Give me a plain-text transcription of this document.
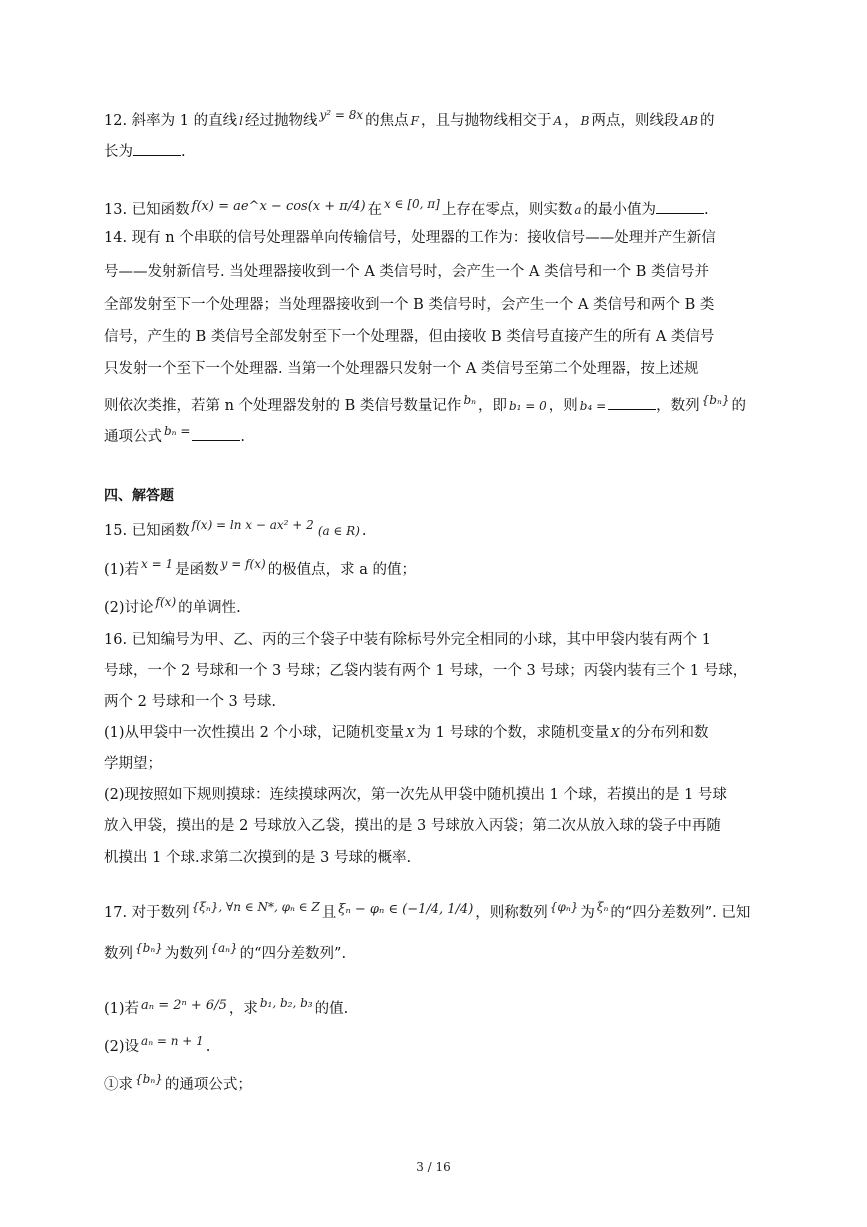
12. 斜率为 1 的直线 l 经过抛物线 $^{y^2 = 8x}$ 的焦点 F ，且与抛物线相交于 A ， B 两点，则线段 AB 的
长为	.
13. 已知函数 f(x) = ae^x − cos(x + π/4) 在 $^{x \in [0, \pi]}$ 上存在零点，则实数 a 的最小值为	.
14. 现有 n 个串联的信号处理器单向传输信号，处理器的工作为：接收信号——处理并产生新信
号——发射新信号. 当处理器接收到一个 A 类信号时，会产生一个 A 类信号和一个 B 类信号并
全部发射至下一个处理器；当处理器接收到一个 B 类信号时，会产生一个 A 类信号和两个 B 类
信号，产生的 B 类信号全部发射至下一个处理器，但由接收 B 类信号直接产生的所有 A 类信号
只发射一个至下一个处理器. 当第一个处理器只发射一个 A 类信号至第二个处理器，按上述规
则依次类推，若第 n 个处理器发射的 B 类信号数量记作 $^{b_n}$ ，即 b₁ = 0 ，则 b₄ =	，数列 $^{\{b_n\}}$ 的
通项公式 $^{b_n =}$	.
四、解答题
15. 已知函数 $^{f(x) = ln x - ax^2 + 2}$ (a ∈ R) .
(1)若 $^{x = 1}$ 是函数 $^{y = f(x)}$ 的极值点，求 a 的值；
(2)讨论 $^{f(x)}$ 的单调性.
16. 已知编号为甲、乙、丙的三个袋子中装有除标号外完全相同的小球，其中甲袋内装有两个 1
号球，一个 2 号球和一个 3 号球；乙袋内装有两个 1 号球，一个 3 号球；丙袋内装有三个 1 号球，
两个 2 号球和一个 3 号球.
(1)从甲袋中一次性摸出 2 个小球，记随机变量 X 为 1 号球的个数，求随机变量 X 的分布列和数
学期望；
(2)现按照如下规则摸球：连续摸球两次，第一次先从甲袋中随机摸出 1 个球，若摸出的是 1 号球
放入甲袋，摸出的是 2 号球放入乙袋，摸出的是 3 号球放入丙袋；第二次从放入球的袋子中再随
机摸出 1 个球.求第二次摸到的是 3 号球的概率.
17. 对于数列 $^{\{\xi_n\}, \forall n \in N*, \varphi_n \in Z}$ 且 ξₙ − φₙ ∈ (−1/4, 1/4) ，则称数列 $^{\{\varphi_n\}}$ 为 $^{\xi_n}$ 的“四分差数列”. 已知
数列 $^{\{b_n\}}$ 为数列 $^{\{a_n\}}$ 的“四分差数列”.
(1)若 aₙ = 2ⁿ + 6/5 ，求 $^{b_1, b_2, b_3}$ 的值.
(2)设 $^{a_n = n + 1}$ .
①求 $^{\{b_n\}}$ 的通项公式；
3 / 16
